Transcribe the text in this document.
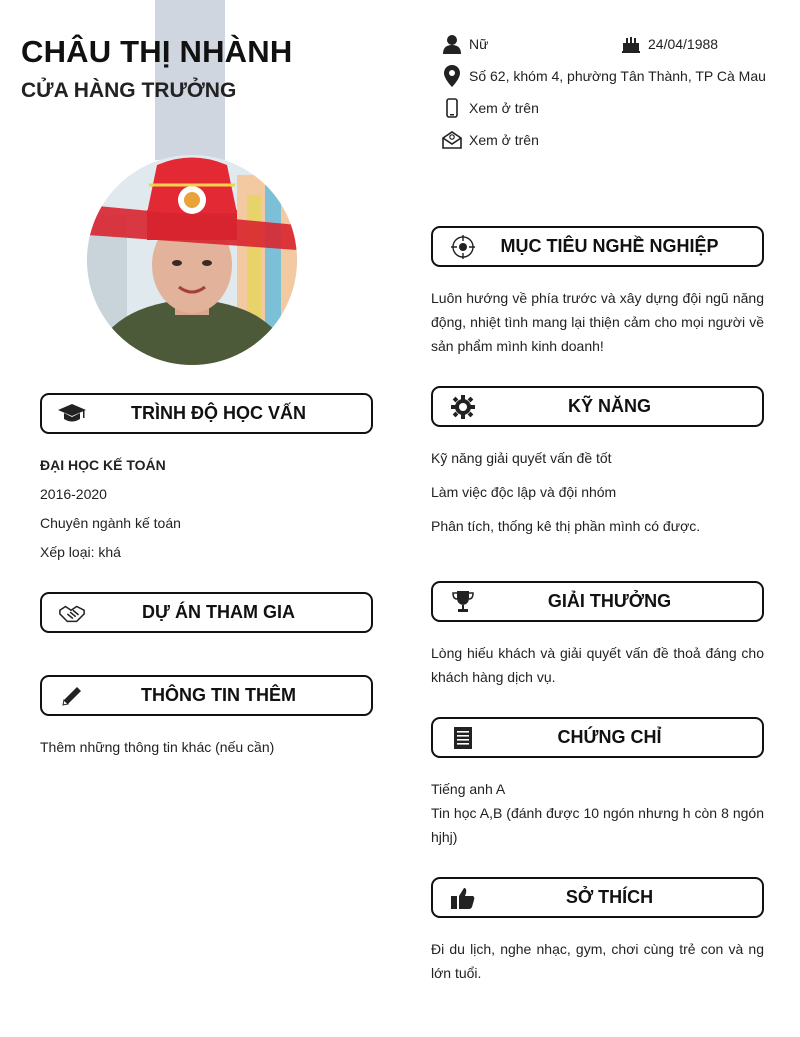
CHÂU THỊ NHÀNH
CỬA HÀNG TRƯỞNG
Nữ	24/04/1988
Số 62, khóm 4, phường Tân Thành, TP Cà Mau
Xem ở trên
Xem ở trên
TRÌNH ĐỘ HỌC VẤN
ĐẠI HỌC KẾ TOÁN
2016-2020
Chuyên ngành kế toán
Xếp loại: khá
DỰ ÁN THAM GIA
THÔNG TIN THÊM
Thêm những thông tin khác (nếu cần)
MỤC TIÊU NGHỀ NGHIỆP
Luôn hướng về phía trước và xây dựng đội ngũ năng động, nhiệt tình mang lại thiện cảm cho mọi người về sản phẩm mình kinh doanh!
KỸ NĂNG
Kỹ năng giải quyết vấn đề tốt
Làm việc độc lập và đội nhóm
Phân tích, thống kê thị phần mình có được.
GIẢI THƯỞNG
Lòng hiếu khách và giải quyết vấn đề thoả đáng cho khách hàng dịch vụ.
CHỨNG CHỈ
Tiếng anh A
Tin học A,B (đánh được 10 ngón nhưng h còn 8 ngón hjhj)
SỞ THÍCH
Đi du lịch, nghe nhạc, gym, chơi cùng trẻ con và ng lớn tuổi.
